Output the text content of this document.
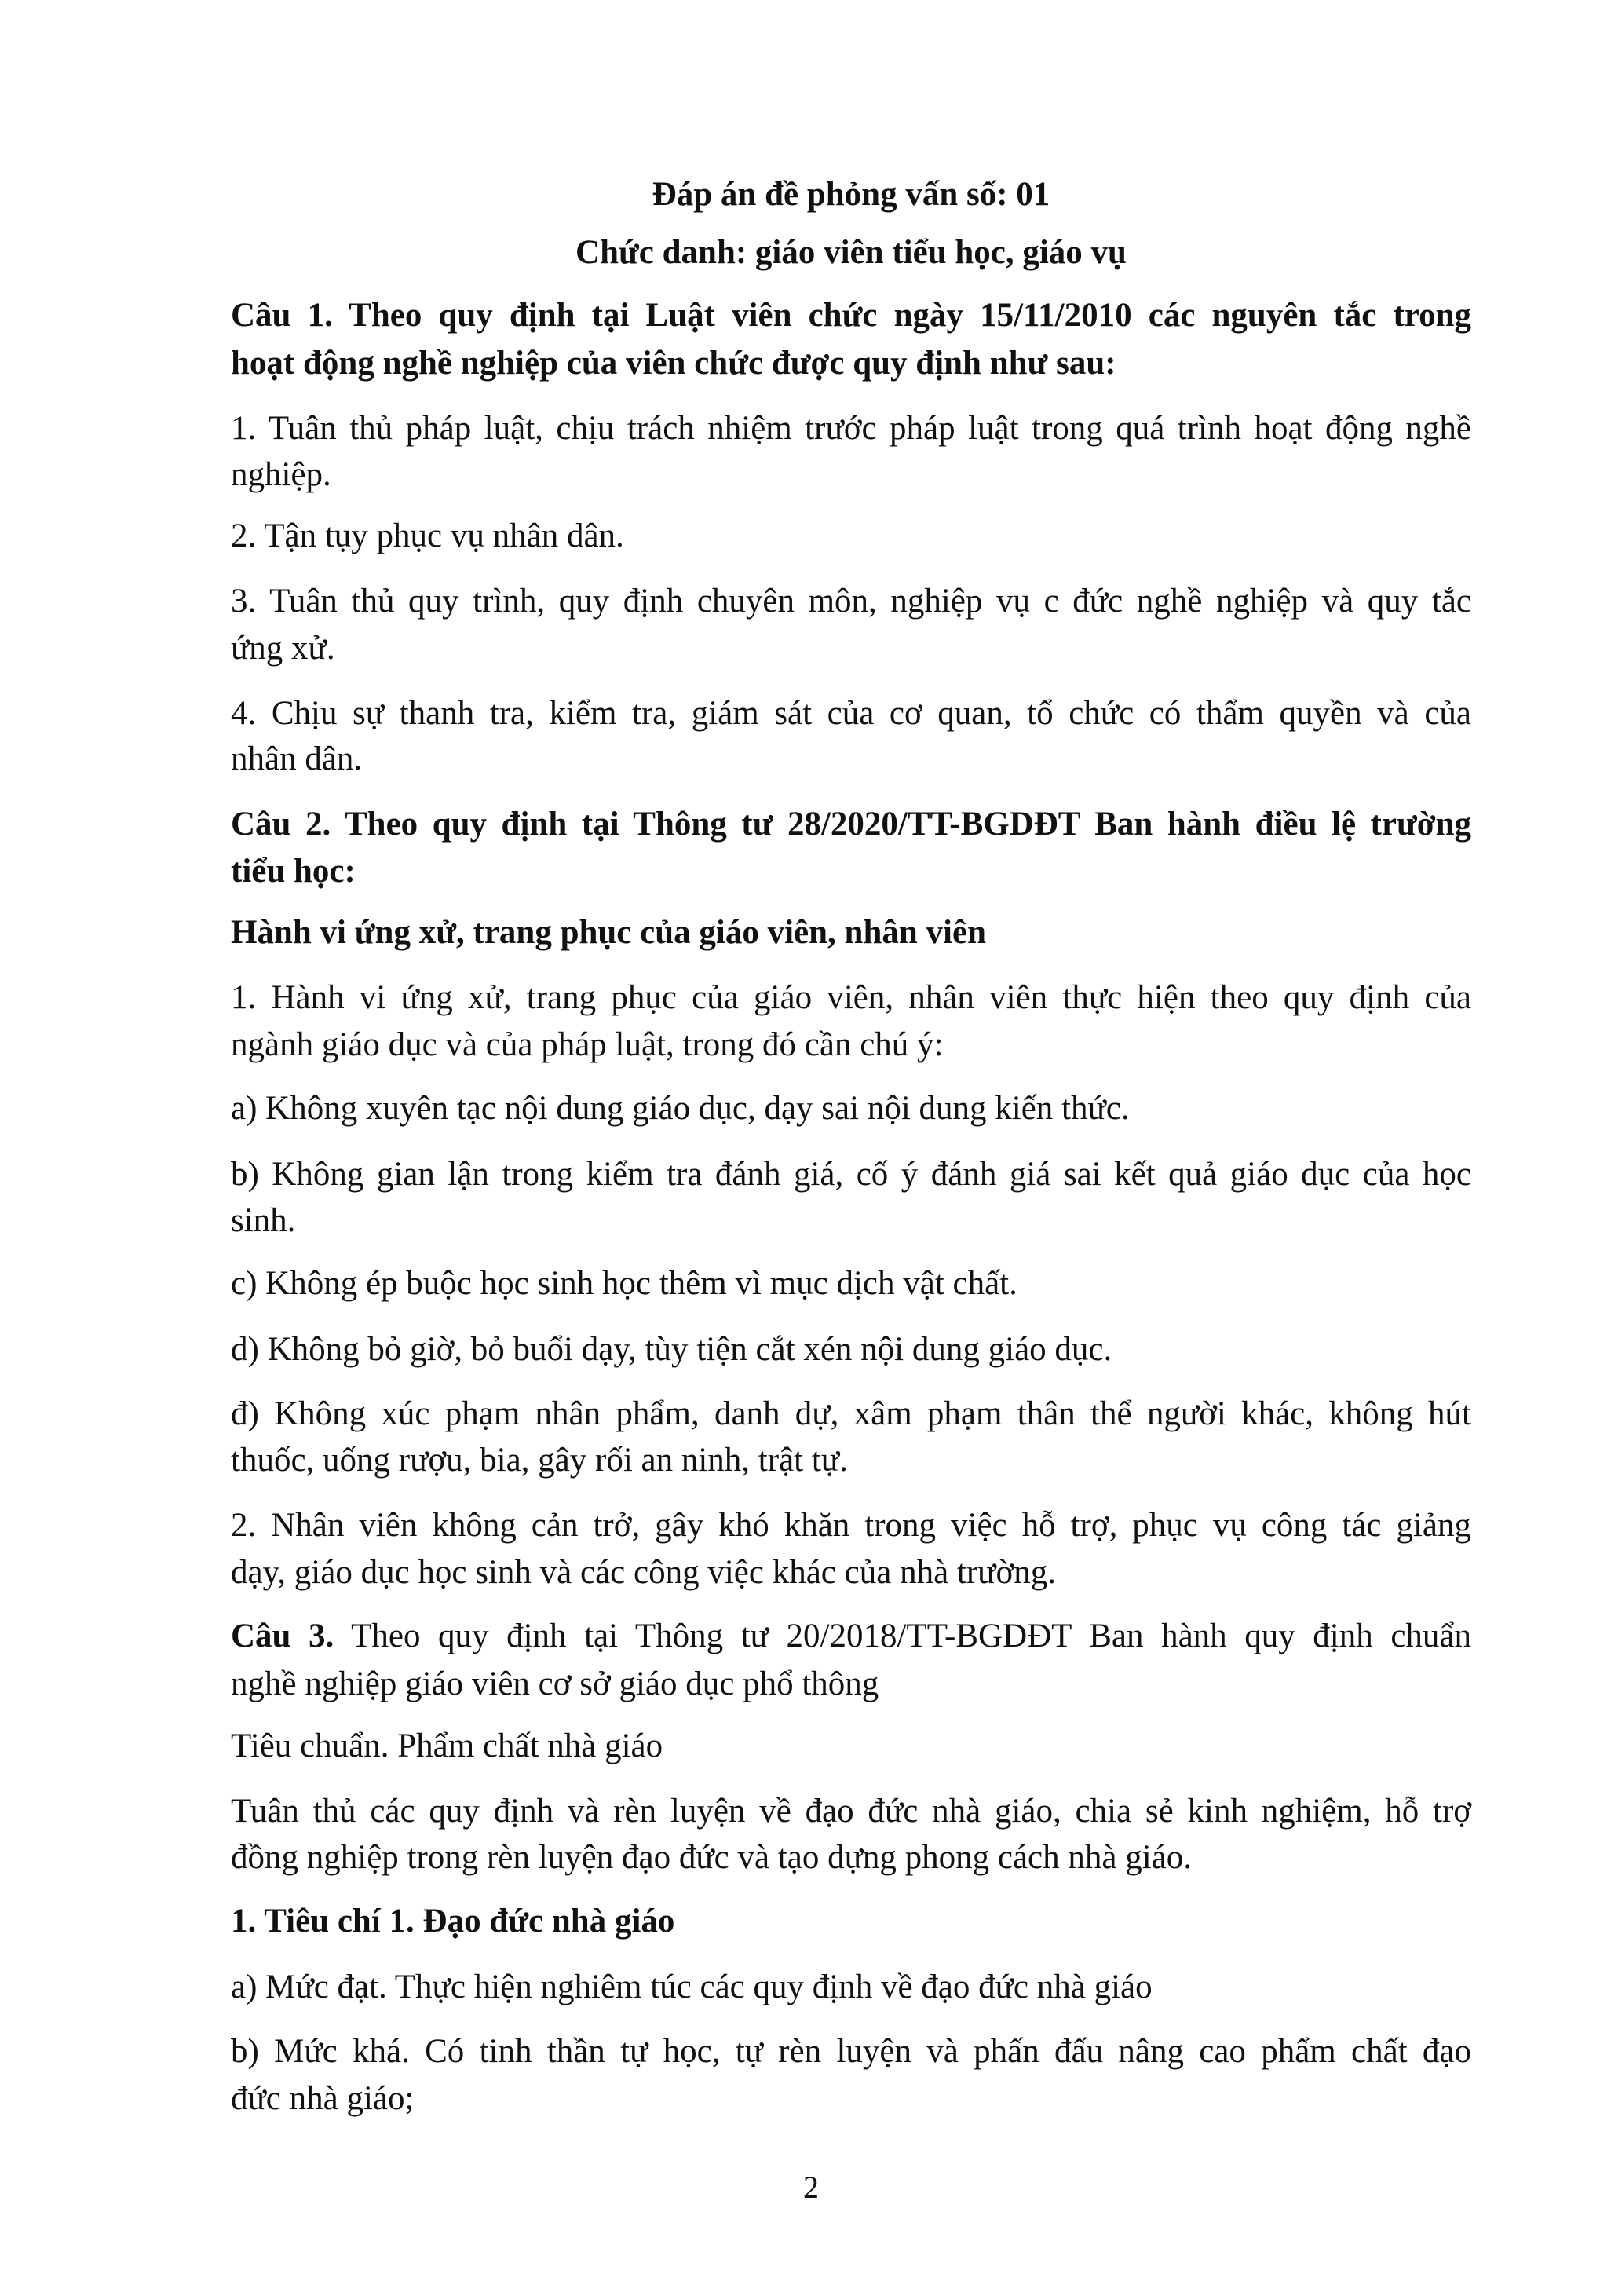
Đáp án đề phỏng vấn số: 01
Chức danh: giáo viên tiểu học, giáo vụ
Câu 1. Theo quy định tại Luật viên chức ngày 15/11/2010 các nguyên tắc trong
hoạt động nghề nghiệp của viên chức được quy định như sau:
1. Tuân thủ pháp luật, chịu trách nhiệm trước pháp luật trong quá trình hoạt động nghề
nghiệp.
2. Tận tụy phục vụ nhân dân.
3. Tuân thủ quy trình, quy định chuyên môn, nghiệp vụ c đức nghề nghiệp và quy tắc
ứng xử.
4. Chịu sự thanh tra, kiểm tra, giám sát của cơ quan, tổ chức có thẩm quyền và của
nhân dân.
Câu 2. Theo quy định tại Thông tư 28/2020/TT-BGDĐT Ban hành điều lệ trường
tiểu học:
Hành vi ứng xử, trang phục của giáo viên, nhân viên
1. Hành vi ứng xử, trang phục của giáo viên, nhân viên thực hiện theo quy định của
ngành giáo dục và của pháp luật, trong đó cần chú ý:
a) Không xuyên tạc nội dung giáo dục, dạy sai nội dung kiến thức.
b) Không gian lận trong kiểm tra đánh giá, cố ý đánh giá sai kết quả giáo dục của học
sinh.
c) Không ép buộc học sinh học thêm vì mục dịch vật chất.
d) Không bỏ giờ, bỏ buổi dạy, tùy tiện cắt xén nội dung giáo dục.
đ) Không xúc phạm nhân phẩm, danh dự, xâm phạm thân thể người khác, không hút
thuốc, uống rượu, bia, gây rối an ninh, trật tự.
2. Nhân viên không cản trở, gây khó khăn trong việc hỗ trợ, phục vụ công tác giảng
dạy, giáo dục học sinh và các công việc khác của nhà trường.
Câu 3. Theo quy định tại Thông tư 20/2018/TT-BGDĐT Ban hành quy định chuẩn
nghề nghiệp giáo viên cơ sở giáo dục phổ thông
Tiêu chuẩn. Phẩm chất nhà giáo
Tuân thủ các quy định và rèn luyện về đạo đức nhà giáo, chia sẻ kinh nghiệm, hỗ trợ
đồng nghiệp trong rèn luyện đạo đức và tạo dựng phong cách nhà giáo.
1. Tiêu chí 1. Đạo đức nhà giáo
a) Mức đạt. Thực hiện nghiêm túc các quy định về đạo đức nhà giáo
b) Mức khá. Có tinh thần tự học, tự rèn luyện và phấn đấu nâng cao phẩm chất đạo
đức nhà giáo;
2
